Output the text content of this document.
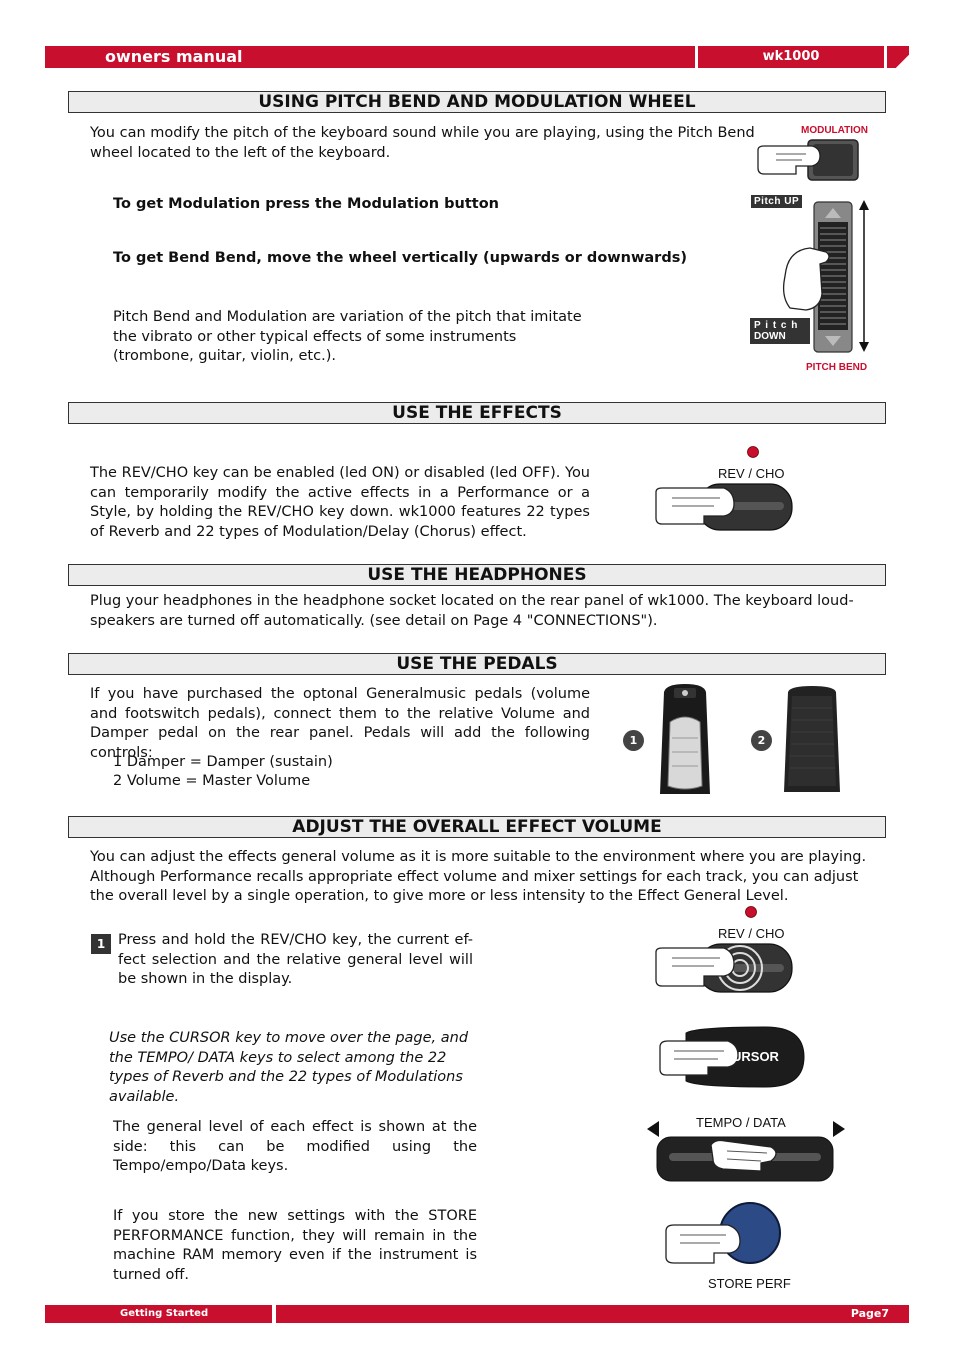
owners manual	wk1000
USING PITCH BEND AND MODULATION WHEEL
You can modify the pitch of the keyboard sound while you are playing, using the Pitch Bend wheel located to the left of the keyboard.
To get Modulation press the Modulation button
To get Bend Bend, move the wheel vertically (upwards or downwards)
Pitch Bend and Modulation are variation of the pitch that imitate the vibrato or other typical effects of some instruments (trombone, guitar, violin, etc.).
MODULATION
Pitch UP
P i t c h
DOWN
PITCH BEND
USE THE EFFECTS
The REV/CHO key can be enabled (led ON) or disabled (led OFF). You can temporarily modify the active effects in a Performance or a Style, by holding the REV/CHO key down. wk1000 features 22 types of Reverb and 22 types of Modulation/Delay (Chorus) effect.
REV / CHO
USE THE HEADPHONES
Plug your headphones in the headphone socket located on the rear panel of wk1000. The keyboard loud-speakers are turned off automatically. (see detail on Page 4 "CONNECTIONS").
USE THE PEDALS
If you have purchased the optonal Generalmusic pedals (volume and footswitch pedals), connect them to the relative Volume and Damper pedal on the rear panel. Pedals will add the following controls:
1 Damper = Damper (sustain)
2 Volume = Master Volume
1	2
ADJUST THE OVERALL EFFECT VOLUME
You can adjust the effects general volume as it is more suitable to the environment where you are playing. Although Performance recalls appropriate effect volume and mixer settings for each track, you can adjust the overall level by a single operation, to give more or less intensity to the Effect General Level.
1 Press and hold the REV/CHO key, the current ef-fect selection and the relative general level will be shown in the display.
Use the CURSOR key to move over the page, and the TEMPO/ DATA keys to select among the 22 types of Reverb and the 22 types of Modulations available.
The general level of each effect is shown at the side: this can be modified using the Tempo/empo/Data keys.
If you store the new settings with the STORE PERFORMANCE function, they will remain in the machine RAM memory even if the instrument is turned off.
REV / CHO
URSOR
TEMPO / DATA
STORE PERF
Getting Started	Page7
